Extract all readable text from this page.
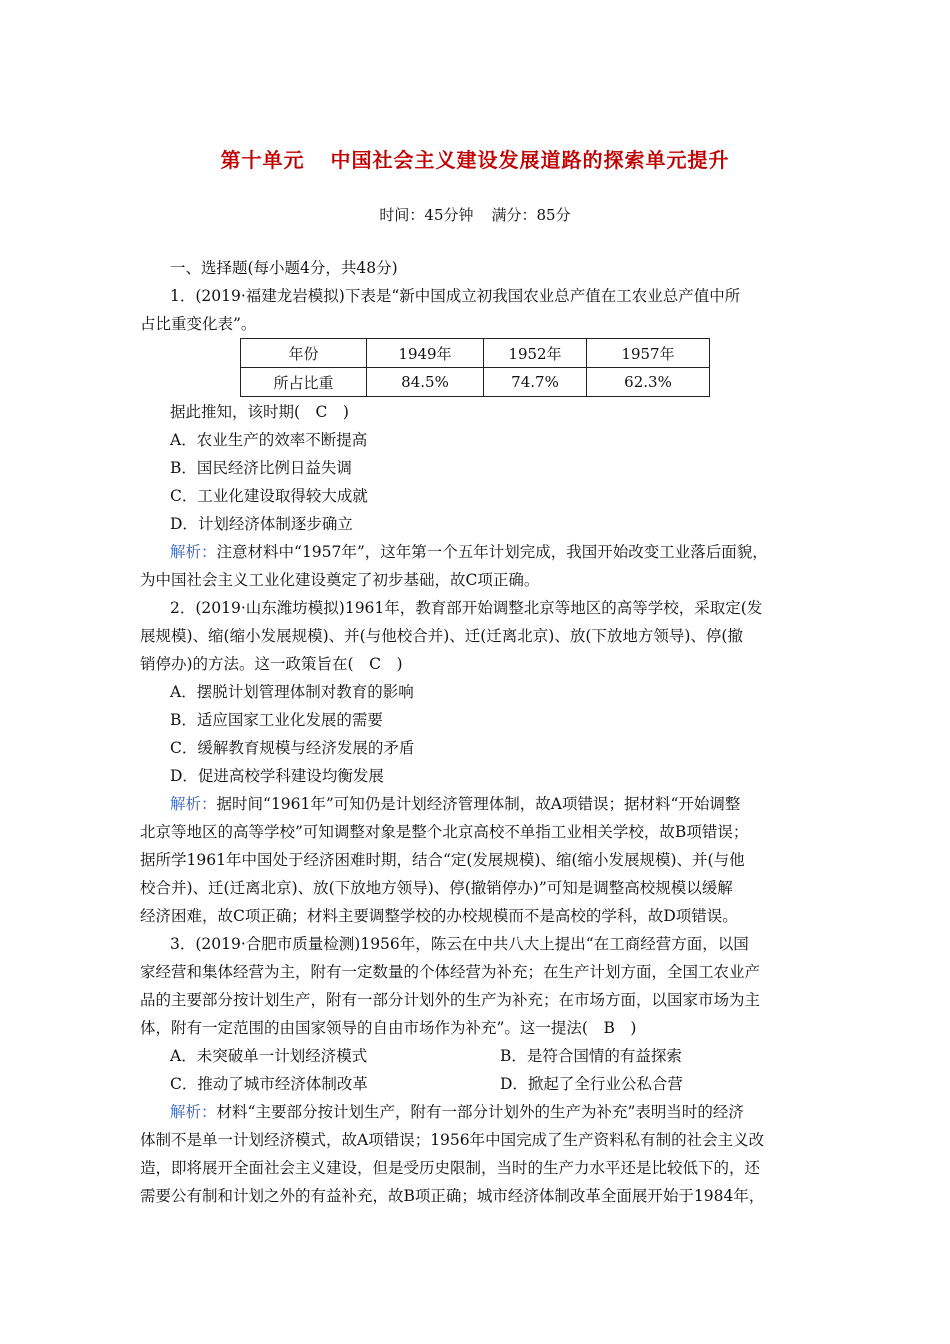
第十单元 中国社会主义建设发展道路的探索单元提升
时间：45分钟 满分：85分
一、选择题(每小题4分，共48分)
1．(2019·福建龙岩模拟)下表是“新中国成立初我国农业总产值在工农业总产值中所
占比重变化表”。
年份	1949年	1952年	1957年
所占比重	84.5%	74.7%	62.3%
据此推知，该时期(　C　)
A．农业生产的效率不断提高
B．国民经济比例日益失调
C．工业化建设取得较大成就
D．计划经济体制逐步确立
解析：注意材料中“1957年”，这年第一个五年计划完成，我国开始改变工业落后面貌，
为中国社会主义工业化建设奠定了初步基础，故C项正确。
2．(2019·山东潍坊模拟)1961年，教育部开始调整北京等地区的高等学校，采取定(发
展规模)、缩(缩小发展规模)、并(与他校合并)、迁(迁离北京)、放(下放地方领导)、停(撤
销停办)的方法。这一政策旨在(　C　)
A．摆脱计划管理体制对教育的影响
B．适应国家工业化发展的需要
C．缓解教育规模与经济发展的矛盾
D．促进高校学科建设均衡发展
解析：据时间“1961年”可知仍是计划经济管理体制，故A项错误；据材料“开始调整
北京等地区的高等学校”可知调整对象是整个北京高校不单指工业相关学校，故B项错误；
据所学1961年中国处于经济困难时期，结合“定(发展规模)、缩(缩小发展规模)、并(与他
校合并)、迁(迁离北京)、放(下放地方领导)、停(撤销停办)”可知是调整高校规模以缓解
经济困难，故C项正确；材料主要调整学校的办校规模而不是高校的学科，故D项错误。
3．(2019·合肥市质量检测)1956年，陈云在中共八大上提出“在工商经营方面，以国
家经营和集体经营为主，附有一定数量的个体经营为补充；在生产计划方面，全国工农业产
品的主要部分按计划生产，附有一部分计划外的生产为补充；在市场方面，以国家市场为主
体，附有一定范围的由国家领导的自由市场作为补充”。这一提法(　B　)
A．未突破单一计划经济模式	B．是符合国情的有益探索
C．推动了城市经济体制改革	D．掀起了全行业公私合营
解析：材料“主要部分按计划生产，附有一部分计划外的生产为补充”表明当时的经济
体制不是单一计划经济模式，故A项错误；1956年中国完成了生产资料私有制的社会主义改
造，即将展开全面社会主义建设，但是受历史限制，当时的生产力水平还是比较低下的，还
需要公有制和计划之外的有益补充，故B项正确；城市经济体制改革全面展开始于1984年，
